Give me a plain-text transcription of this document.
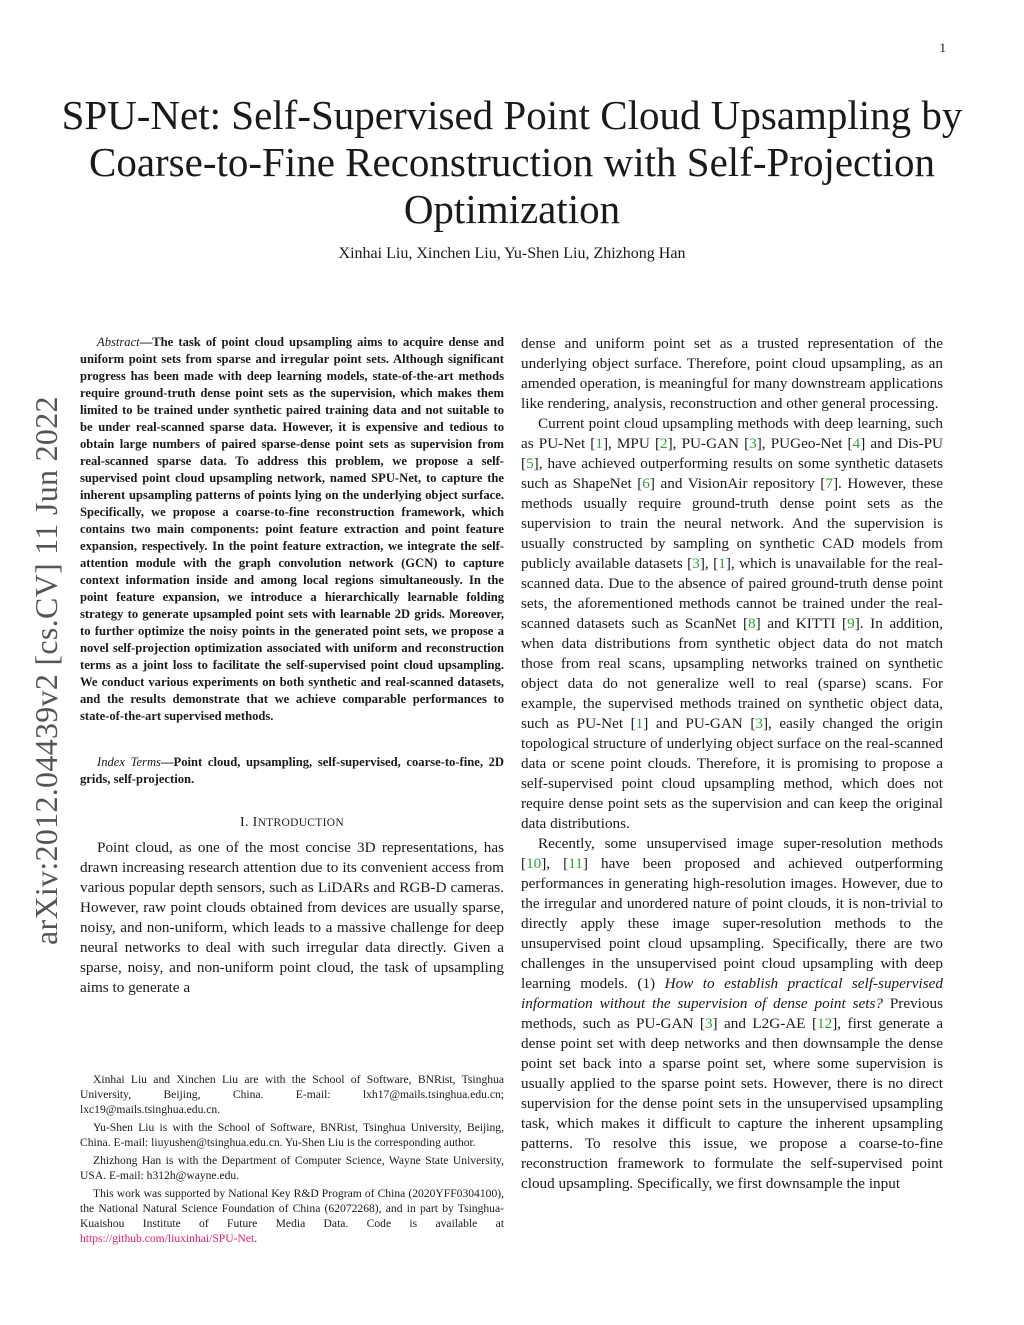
1
arXiv:2012.04439v2 [cs.CV] 11 Jun 2022
SPU-Net: Self-Supervised Point Cloud Upsampling by Coarse-to-Fine Reconstruction with Self-Projection Optimization
Xinhai Liu, Xinchen Liu, Yu-Shen Liu, Zhizhong Han

Abstract—The task of point cloud upsampling aims to acquire dense and uniform point sets from sparse and irregular point sets. Although significant progress has been made with deep learning models, state-of-the-art methods require ground-truth dense point sets as the supervision, which makes them limited to be trained under synthetic paired training data and not suitable to be under real-scanned sparse data. However, it is expensive and tedious to obtain large numbers of paired sparse-dense point sets as supervision from real-scanned sparse data. To address this problem, we propose a self-supervised point cloud upsampling network, named SPU-Net, to capture the inherent upsampling patterns of points lying on the underlying object surface. Specifically, we propose a coarse-to-fine reconstruction framework, which contains two main components: point feature extraction and point feature expansion, respectively. In the point feature extraction, we integrate the self-attention module with the graph convolution network (GCN) to capture context information inside and among local regions simultaneously. In the point feature expansion, we introduce a hierarchically learnable folding strategy to generate upsampled point sets with learnable 2D grids. Moreover, to further optimize the noisy points in the generated point sets, we propose a novel self-projection optimization associated with uniform and reconstruction terms as a joint loss to facilitate the self-supervised point cloud upsampling. We conduct various experiments on both synthetic and real-scanned datasets, and the results demonstrate that we achieve comparable performances to state-of-the-art supervised methods.

Index Terms—Point cloud, upsampling, self-supervised, coarse-to-fine, 2D grids, self-projection.

I. INTRODUCTION

Point cloud, as one of the most concise 3D representations, has drawn increasing research attention due to its convenient access from various popular depth sensors, such as LiDARs and RGB-D cameras. However, raw point clouds obtained from devices are usually sparse, noisy, and non-uniform, which leads to a massive challenge for deep neural networks to deal with such irregular data directly. Given a sparse, noisy, and non-uniform point cloud, the task of upsampling aims to generate a

Xinhai Liu and Xinchen Liu are with the School of Software, BNRist, Tsinghua University, Beijing, China. E-mail: lxh17@mails.tsinghua.edu.cn; lxc19@mails.tsinghua.edu.cn.

Yu-Shen Liu is with the School of Software, BNRist, Tsinghua University, Beijing, China. E-mail: liuyushen@tsinghua.edu.cn. Yu-Shen Liu is the corresponding author.

Zhizhong Han is with the Department of Computer Science, Wayne State University, USA. E-mail: h312h@wayne.edu.

This work was supported by National Key R&D Program of China (2020YFF0304100), the National Natural Science Foundation of China (62072268), and in part by Tsinghua-Kuaishou Institute of Future Media Data. Code is available at https://github.com/liuxinhai/SPU-Net.

dense and uniform point set as a trusted representation of the underlying object surface. Therefore, point cloud upsampling, as an amended operation, is meaningful for many downstream applications like rendering, analysis, reconstruction and other general processing.

Current point cloud upsampling methods with deep learning, such as PU-Net [1], MPU [2], PU-GAN [3], PUGeo-Net [4] and Dis-PU [5], have achieved outperforming results on some synthetic datasets such as ShapeNet [6] and VisionAir repository [7]. However, these methods usually require ground-truth dense point sets as the supervision to train the neural network. And the supervision is usually constructed by sampling on synthetic CAD models from publicly available datasets [3], [1], which is unavailable for the real-scanned data. Due to the absence of paired ground-truth dense point sets, the aforementioned methods cannot be trained under the real-scanned datasets such as ScanNet [8] and KITTI [9]. In addition, when data distributions from synthetic object data do not match those from real scans, upsampling networks trained on synthetic object data do not generalize well to real (sparse) scans. For example, the supervised methods trained on synthetic object data, such as PU-Net [1] and PU-GAN [3], easily changed the origin topological structure of underlying object surface on the real-scanned data or scene point clouds. Therefore, it is promising to propose a self-supervised point cloud upsampling method, which does not require dense point sets as the supervision and can keep the original data distributions.

Recently, some unsupervised image super-resolution methods [10], [11] have been proposed and achieved outperforming performances in generating high-resolution images. However, due to the irregular and unordered nature of point clouds, it is non-trivial to directly apply these image super-resolution methods to the unsupervised point cloud upsampling. Specifically, there are two challenges in the unsupervised point cloud upsampling with deep learning models. (1) How to establish practical self-supervised information without the supervision of dense point sets? Previous methods, such as PU-GAN [3] and L2G-AE [12], first generate a dense point set with deep networks and then downsample the dense point set back into a sparse point set, where some supervision is usually applied to the sparse point sets. However, there is no direct supervision for the dense point sets in the unsupervised upsampling task, which makes it difficult to capture the inherent upsampling patterns. To resolve this issue, we propose a coarse-to-fine reconstruction framework to formulate the self-supervised point cloud upsampling. Specifically, we first downsample the input
